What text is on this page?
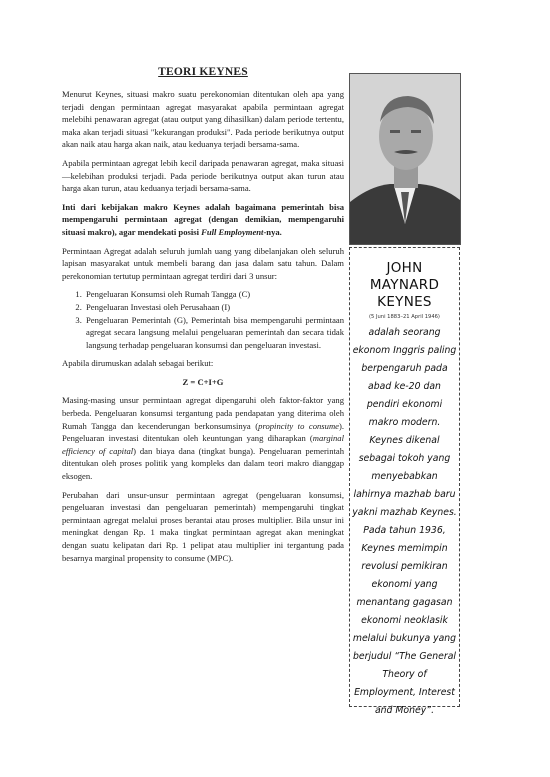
TEORI KEYNES

Menurut Keynes, situasi makro suatu perekonomian ditentukan oleh apa yang terjadi dengan permintaan agregat masyarakat apabila permintaan agregat melebihi penawaran agregat (atau output yang dihasilkan) dalam periode tertentu, maka akan terjadi situasi "kekurangan produksi". Pada periode berikutnya output akan naik atau harga akan naik, atau keduanya terjadi bersama-sama.

Apabila permintaan agregat lebih kecil daripada penawaran agregat, maka situasi —kelebihan produksi terjadi. Pada periode berikutnya output akan turun atau harga akan turun, atau keduanya terjadi bersama-sama.

Inti dari kebijakan makro Keynes adalah bagaimana pemerintah bisa mempengaruhi permintaan agregat (dengan demikian, mempengaruhi situasi makro), agar mendekati posisi Full Employment-nya.

Permintaan Agregat adalah seluruh jumlah uang yang dibelanjakan oleh seluruh lapisan masyarakat untuk membeli barang dan jasa dalam satu tahun. Dalam perekonomian tertutup permintaan agregat terdiri dari 3 unsur:

1. Pengeluaran Konsumsi oleh Rumah Tangga (C)
2. Pengeluaran Investasi oleh Perusahaan (I)
3. Pengeluaran Pemerintah (G), Pemerintah bisa mempengaruhi permintaan agregat secara langsung melalui pengeluaran pemerintah dan secara tidak langsung terhadap pengeluaran konsumsi dan pengeluaran investasi.

Apabila dirumuskan adalah sebagai berikut:

Z = C+I+G

Masing-masing unsur permintaan agregat dipengaruhi oleh faktor-faktor yang berbeda. Pengeluaran konsumsi tergantung pada pendapatan yang diterima oleh Rumah Tangga dan kecenderungan berkonsumsinya (propincity to consume). Pengeluaran investasi ditentukan oleh keuntungan yang diharapkan (marginal efficiency of capital) dan biaya dana (tingkat bunga). Pengeluaran pemerintah ditentukan oleh proses politik yang kompleks dan dalam teori makro dianggap eksogen.

Perubahan dari unsur-unsur permintaan agregat (pengeluaran konsumsi, pengeluaran investasi dan pengeluaran pemerintah) mempengaruhi tingkat permintaan agregat melalui proses berantai atau proses multiplier. Bila unsur ini meningkat dengan Rp. 1 maka tingkat permintaan agregat akan meningkat dengan suatu kelipatan dari Rp. 1 pelipat atau multiplier ini tergantung pada besarnya marginal propensity to consume (MPC).

JOHN MAYNARD KEYNES
(5 Juni 1883–21 April 1946)
adalah seorang ekonom Inggris paling berpengaruh pada abad ke-20 dan pendiri ekonomi makro modern. Keynes dikenal sebagai tokoh yang menyebabkan lahirnya mazhab baru yakni mazhab Keynes. Pada tahun 1936, Keynes memimpin revolusi pemikiran ekonomi yang menantang gagasan ekonomi neoklasik melalui bukunya yang berjudul “The General Theory of Employment, Interest and Money”.
